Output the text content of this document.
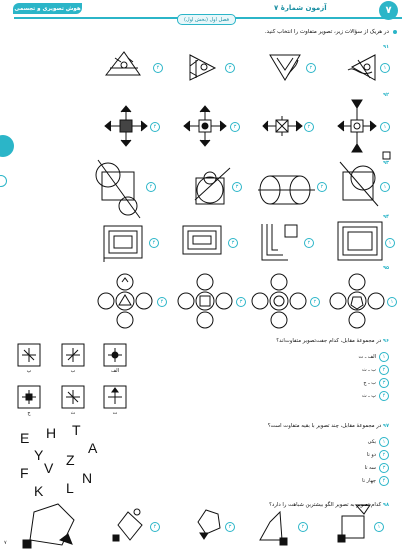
هوش تصویری و تجسمی	آزمون شمارهٔ ۷	۷
فصل اول (بخش اول)
در هریک از سؤالات زیر، تصویر متفاوت را انتخاب کنید.
۹۱
۴	۳	۲	۱
۹۲
۴	۳	۲	۱
۹۳
۴	۳	۲	۱
۹۴
۴	۳	۲	۱
۹۵
۴	۳	۲	۱
الف
ب
پ
ت
ث
ج
۹۶ در مجموعهٔ مقابل، کدام جفت‌تصویر متفاوت‌اند؟
۱
الف ـ ت
۲
ب ـ ث
۳
ب ـ ج
۴
پ ـ ث
E H T
A
Y
V Z
F	N
K L
۹۷ در مجموعهٔ مقابل، چند تصویر با بقیه متفاوت است؟
۱
یکی
۲
دو تا
۳
سه تا
۴
چهار تا
۹۸ کدام تصویر به تصویر الگو بیشترین شباهت را دارد؟
۴	۳	۲	۱
۷
